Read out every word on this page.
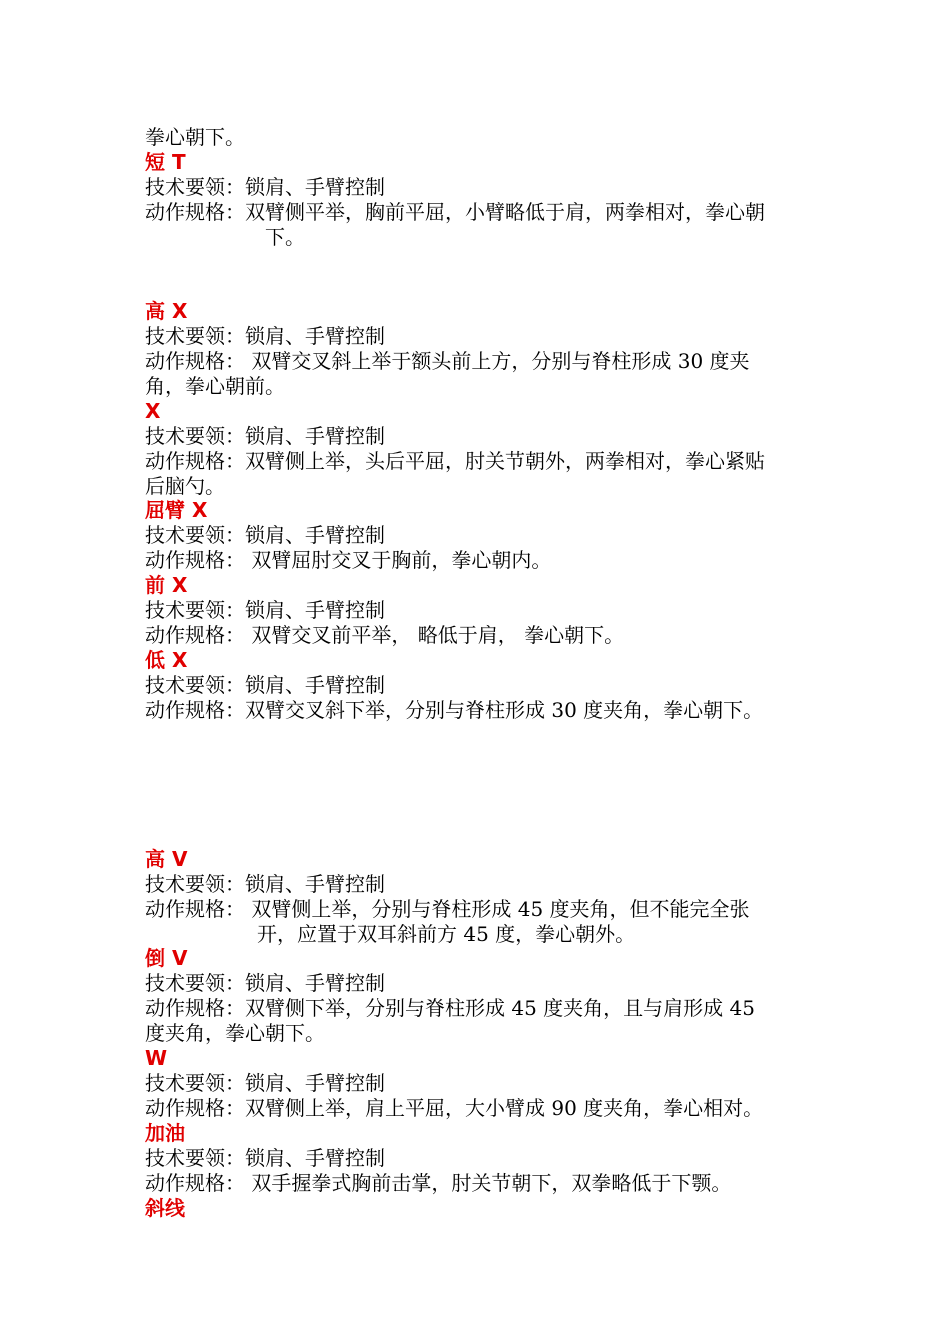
拳心朝下。
短 T
技术要领：锁肩、手臂控制
动作规格：双臂侧平举，胸前平屈，小臂略低于肩，两拳相对，拳心朝
下。
高 X
技术要领：锁肩、手臂控制
动作规格： 双臂交叉斜上举于额头前上方，分别与脊柱形成 30 度夹
角，拳心朝前。
X
技术要领：锁肩、手臂控制
动作规格：双臂侧上举，头后平屈，肘关节朝外，两拳相对，拳心紧贴
后脑勺。
屈臂 X
技术要领：锁肩、手臂控制
动作规格： 双臂屈肘交叉于胸前，拳心朝内。
前 X
技术要领：锁肩、手臂控制
动作规格： 双臂交叉前平举， 略低于肩， 拳心朝下。
低 X
技术要领：锁肩、手臂控制
动作规格：双臂交叉斜下举，分别与脊柱形成 30 度夹角，拳心朝下。
高 V
技术要领：锁肩、手臂控制
动作规格： 双臂侧上举，分别与脊柱形成 45 度夹角，但不能完全张
开，应置于双耳斜前方 45 度，拳心朝外。
倒 V
技术要领：锁肩、手臂控制
动作规格：双臂侧下举，分别与脊柱形成 45 度夹角，且与肩形成 45
度夹角，拳心朝下。
W
技术要领：锁肩、手臂控制
动作规格：双臂侧上举，肩上平屈，大小臂成 90 度夹角，拳心相对。
加油
技术要领：锁肩、手臂控制
动作规格： 双手握拳式胸前击掌，肘关节朝下，双拳略低于下颚。
斜线
